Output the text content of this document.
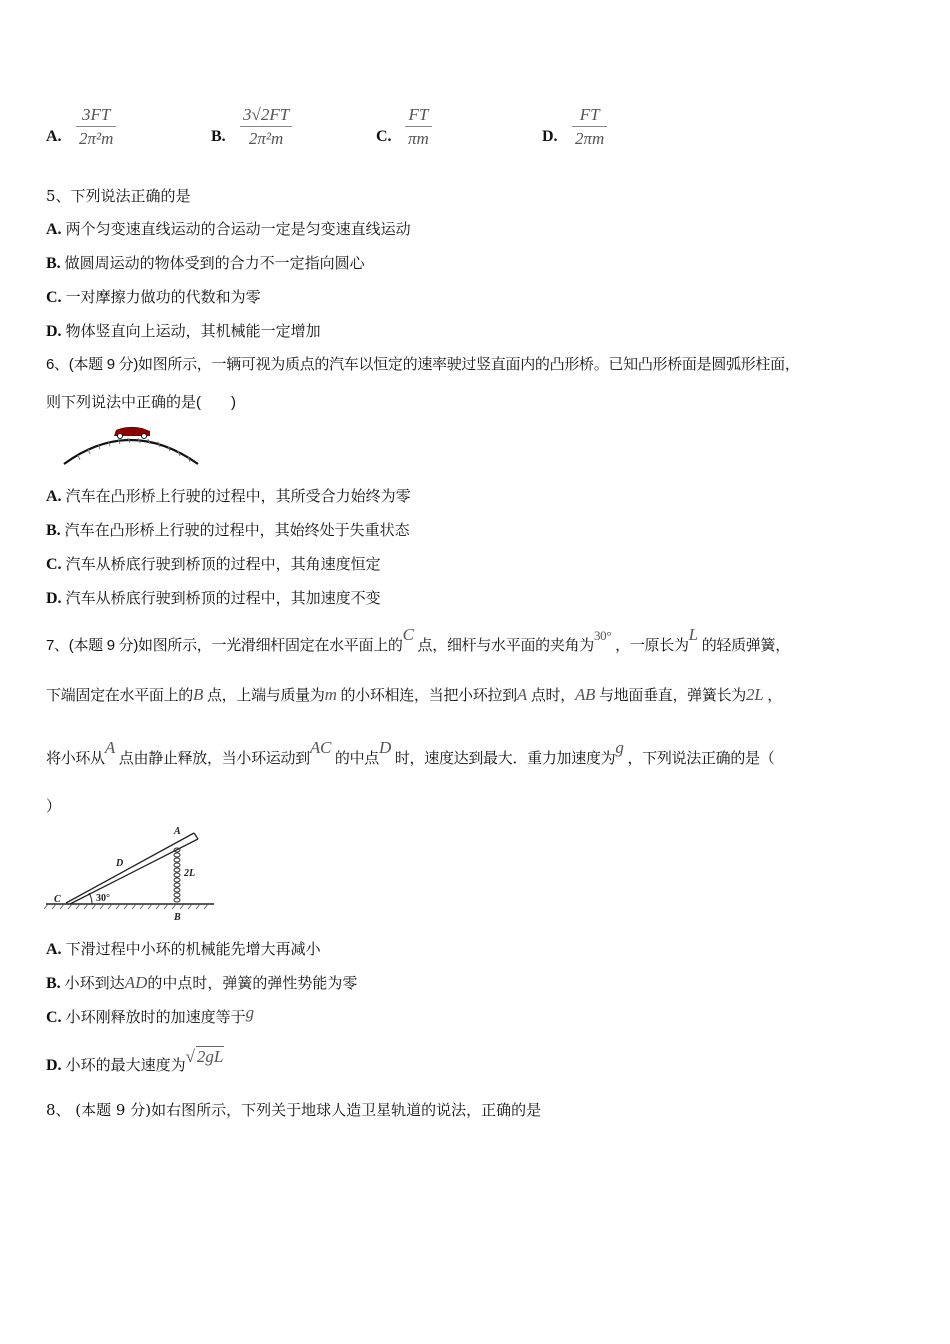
A.
3FT
2π²m	B.
3√2FT
2π²m	C.
FT
πm	D.
FT
2πm
5、下列说法正确的是
A. 两个匀变速直线运动的合运动一定是匀变速直线运动
B. 做圆周运动的物体受到的合力不一定指向圆心
C. 一对摩擦力做功的代数和为零
D. 物体竖直向上运动，其机械能一定增加
6、(本题 9 分)如图所示，一辆可视为质点的汽车以恒定的速率驶过竖直面内的凸形桥。已知凸形桥面是圆弧形柱面，
则下列说法中正确的是(　　)
A. 汽车在凸形桥上行驶的过程中，其所受合力始终为零
B. 汽车在凸形桥上行驶的过程中，其始终处于失重状态
C. 汽车从桥底行驶到桥顶的过程中，其角速度恒定
D. 汽车从桥底行驶到桥顶的过程中，其加速度不变
7、(本题 9 分)如图所示，一光滑细杆固定在水平面上的C 点，细杆与水平面的夹角为30° ，一原长为L 的轻质弹簧，
下端固定在水平面上的B 点，上端与质量为m 的小环相连，当把小环拉到A 点时，AB 与地面垂直，弹簧长为2L ，
将小环从A 点由静止释放，当小环运动到AC 的中点D 时，速度达到最大．重力加速度为g ，下列说法正确的是（
）
A
B
C
D
30°
2L
A. 下滑过程中小环的机械能先增大再减小
B. 小环到达AD的中点时，弹簧的弹性势能为零
C. 小环刚释放时的加速度等于g
D. 小环的最大速度为√ 2gL
8、 (本题 9 分)如右图所示，下列关于地球人造卫星轨道的说法，正确的是
